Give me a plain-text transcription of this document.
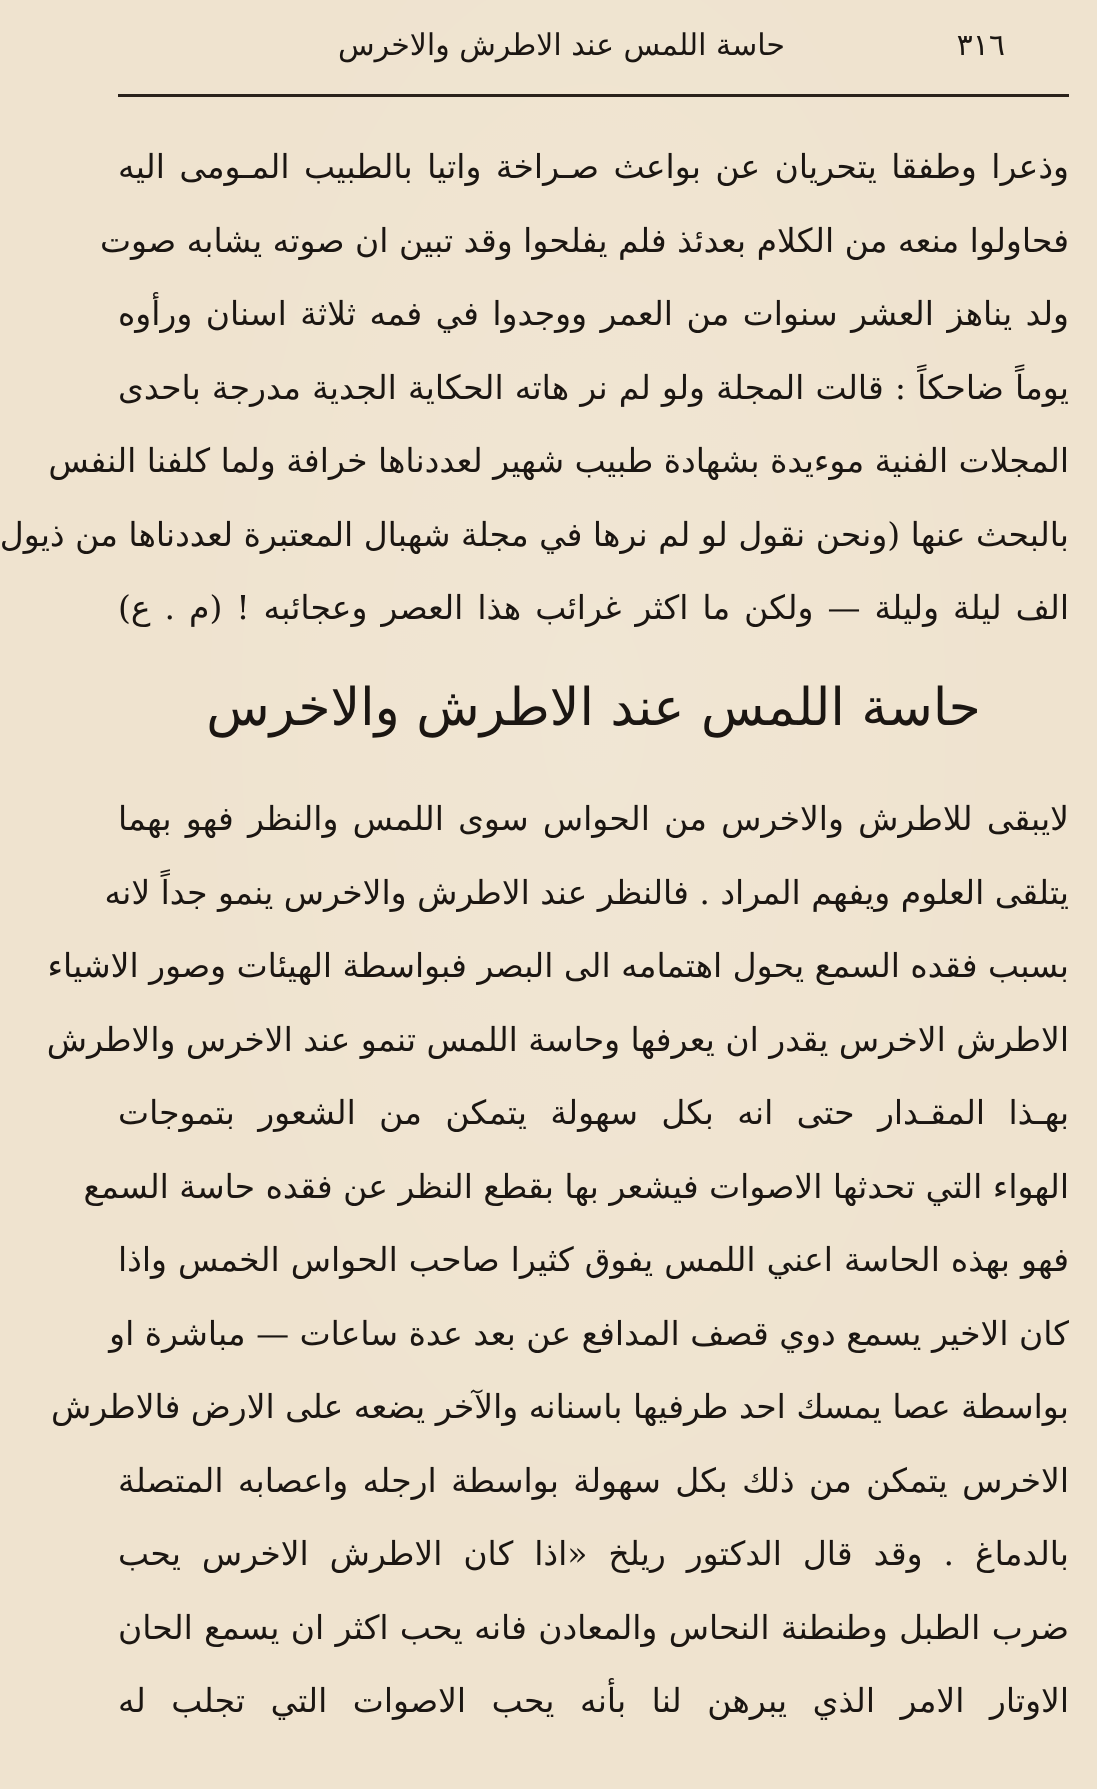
٣١٦
حاسة اللمس عند الاطرش والاخرس
وذعرا وطفقا يتحريان عن بواعث صـراخة واتيا بالطبيب المـومى اليه
فحاولوا منعه من الكلام بعدئذ فلم يفلحوا وقد تبين ان صوته يشابه صوت
ولد يناهز العشر سنوات من العمر ووجدوا في فمه ثلاثة اسنان ورأوه
يوماً ضاحكاً : قالت المجلة ولو لم نر هاته الحكاية الجدية مدرجة باحدى
المجلات الفنية موءيدة بشهادة طبيب شهير لعددناها خرافة ولما كلفنا النفس
بالبحث عنها (ونحن نقول لو لم نرها في مجلة شهبال المعتبرة لعددناها من ذيول
الف ليلة وليلة — ولكن ما اكثر غرائب هذا العصر وعجائبه ! (م . ع)
حاسة اللمس عند الاطرش والاخرس
لايبقى للاطرش والاخرس من الحواس سوى اللمس والنظر فهو بهما
يتلقى العلوم ويفهم المراد . فالنظر عند الاطرش والاخرس ينمو جداً لانه
بسبب فقده السمع يحول اهتمامه الى البصر فبواسطة الهيئات وصور الاشياء
الاطرش الاخرس يقدر ان يعرفها وحاسة اللمس تنمو عند الاخرس والاطرش
بهـذا المقـدار حتى انه بكل سهولة يتمكن من الشعور بتموجات
الهواء التي تحدثها الاصوات فيشعر بها بقطع النظر عن فقده حاسة السمع
فهو بهذه الحاسة اعني اللمس يفوق كثيرا صاحب الحواس الخمس واذا
كان الاخير يسمع دوي قصف المدافع عن بعد عدة ساعات — مباشرة او
بواسطة عصا يمسك احد طرفيها باسنانه والآخر يضعه على الارض فالاطرش
الاخرس يتمكن من ذلك بكل سهولة بواسطة ارجله واعصابه المتصلة
بالدماغ . وقد قال الدكتور ريلخ «اذا كان الاطرش الاخرس يحب
ضرب الطبل وطنطنة النحاس والمعادن فانه يحب اكثر ان يسمع الحان
الاوتار الامر الذي يبرهن لنا بأنه يحب الاصوات التي تجلب له
